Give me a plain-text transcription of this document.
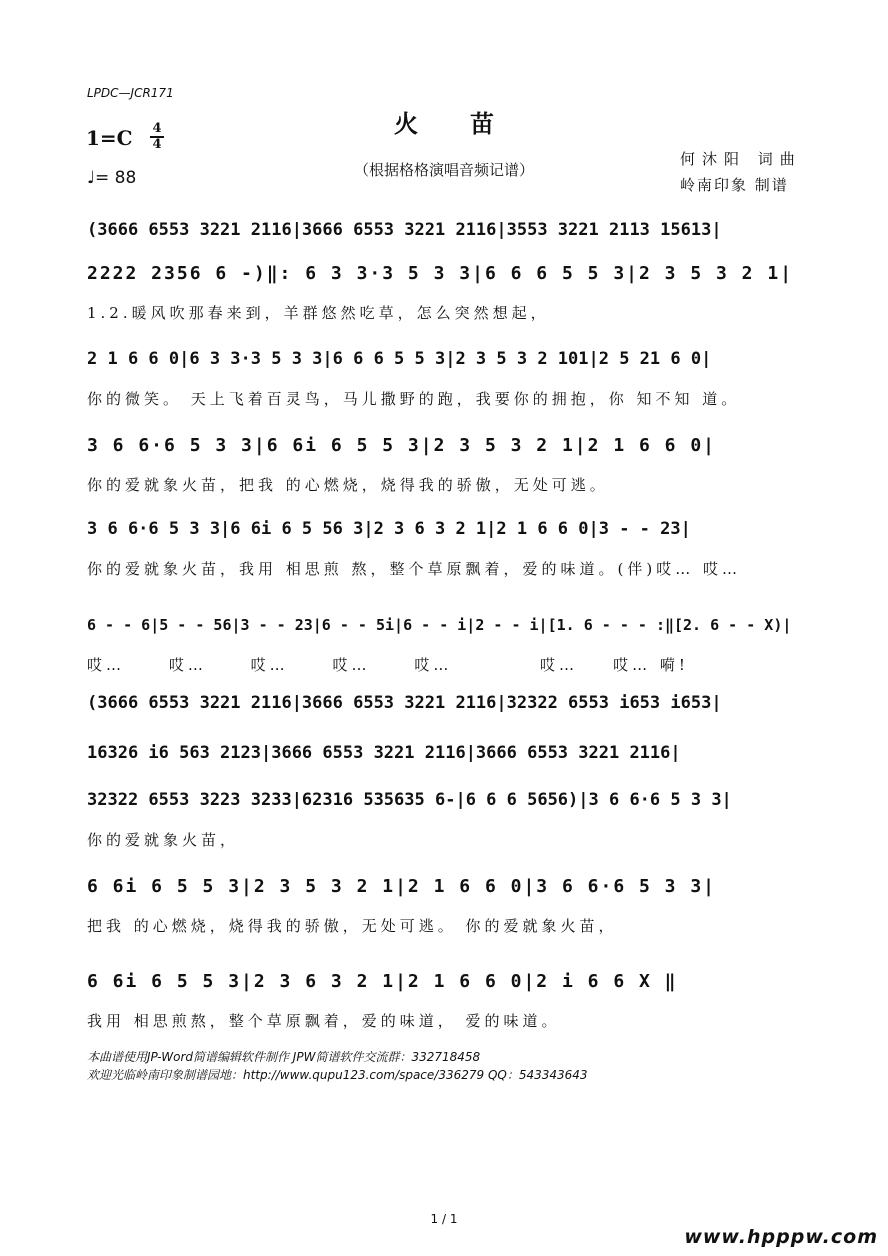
LPDC—JCR171
火苗
（根据格格演唱音频记谱）
1=C 4
4
♩= 88
何沐阳 词曲
岭南印象 制谱
(3666 6553 3221 2116|3666 6553 3221 2116|3553 3221 2113 15613|
2222 2356 6 -)‖: 6 3 3·3 5 3 3|6 6 6 5 5 3|2 3 5 3 2 1|
1.2.暖风吹那春来到，羊群悠然吃草，怎么突然想起，
2 1 6 6 0|6 3 3·3 5 3 3|6 6 6 5 5 3|2 3 5 3 2 101|2 5 21 6 0|
你的微笑。 天上飞着百灵鸟，马儿撒野的跑，我要你的拥抱，你 知不知 道。
3 6 6·6 5 3 3|6 6i 6 5 5 3|2 3 5 3 2 1|2 1 6 6 0|
你的爱就象火苗，把我 的心燃烧，烧得我的骄傲，无处可逃。
3 6 6·6 5 3 3|6 6i 6 5 56 3|2 3 6 3 2 1|2 1 6 6 0|3 - - 23|
你的爱就象火苗，我用 相思煎 熬，整个草原飘着，爱的味道。(伴)哎… 哎…
6 - - 6|5 - - 56|3 - - 23|6 - - 5i|6 - - i|2 - - i|[1. 6 - - - :‖[2. 6 - - X)|
哎…     哎…     哎…     哎…     哎…          哎…    哎… 嗬!
(3666 6553 3221 2116|3666 6553 3221 2116|32322 6553 i653 i653|
16326 i6 563 2123|3666 6553 3221 2116|3666 6553 3221 2116|
32322 6553 3223 3233|62316 535635 6-|6 6 6 5656)|3 6 6·6 5 3 3|
你的爱就象火苗，
6 6i 6 5 5 3|2 3 5 3 2 1|2 1 6 6 0|3 6 6·6 5 3 3|
把我 的心燃烧，烧得我的骄傲，无处可逃。 你的爱就象火苗，
6 6i 6 5 5 3|2 3 6 3 2 1|2 1 6 6 0|2 i 6 6 X ‖
我用 相思煎熬，整个草原飘着，爱的味道， 爱的味道。
本曲谱使用JP-Word简谱编辑软件制作 JPW简谱软件交流群：332718458
欢迎光临岭南印象制谱园地：http://www.qupu123.com/space/336279 QQ：543343643
1 / 1
www.hpppw.com
